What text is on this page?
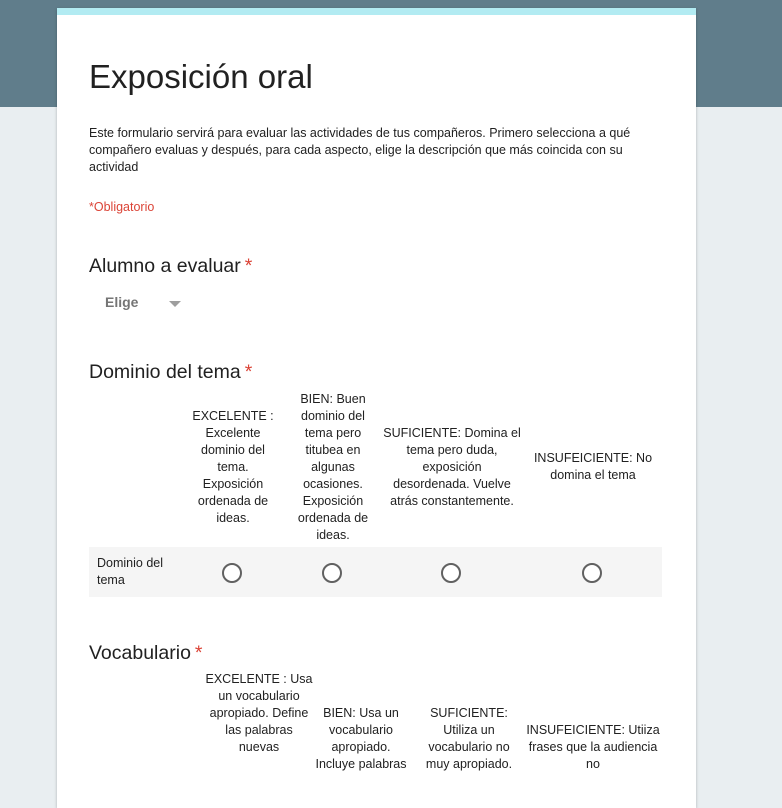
Exposición oral
Este formulario servirá para evaluar las actividades de tus compañeros. Primero selecciona a qué compañero evaluas y después, para cada aspecto, elige la descripción que más coincida con su actividad
*Obligatorio
Alumno a evaluar *
Elige
Dominio del tema *
EXCELENTE : Excelente dominio del tema. Exposición ordenada de ideas.
BIEN: Buen dominio del tema pero titubea en algunas ocasiones. Exposición ordenada de ideas.
SUFICIENTE: Domina el tema pero duda, exposición desordenada. Vuelve atrás constantemente.
INSUFEICIENTE: No domina el tema
Dominio del tema
Vocabulario *
EXCELENTE : Usa un vocabulario apropiado. Define las palabras nuevas
BIEN: Usa un vocabulario apropiado. Incluye palabras
SUFICIENTE: Utiliza un vocabulario no muy apropiado.
INSUFEICIENTE: Utiiza frases que la audiencia no
